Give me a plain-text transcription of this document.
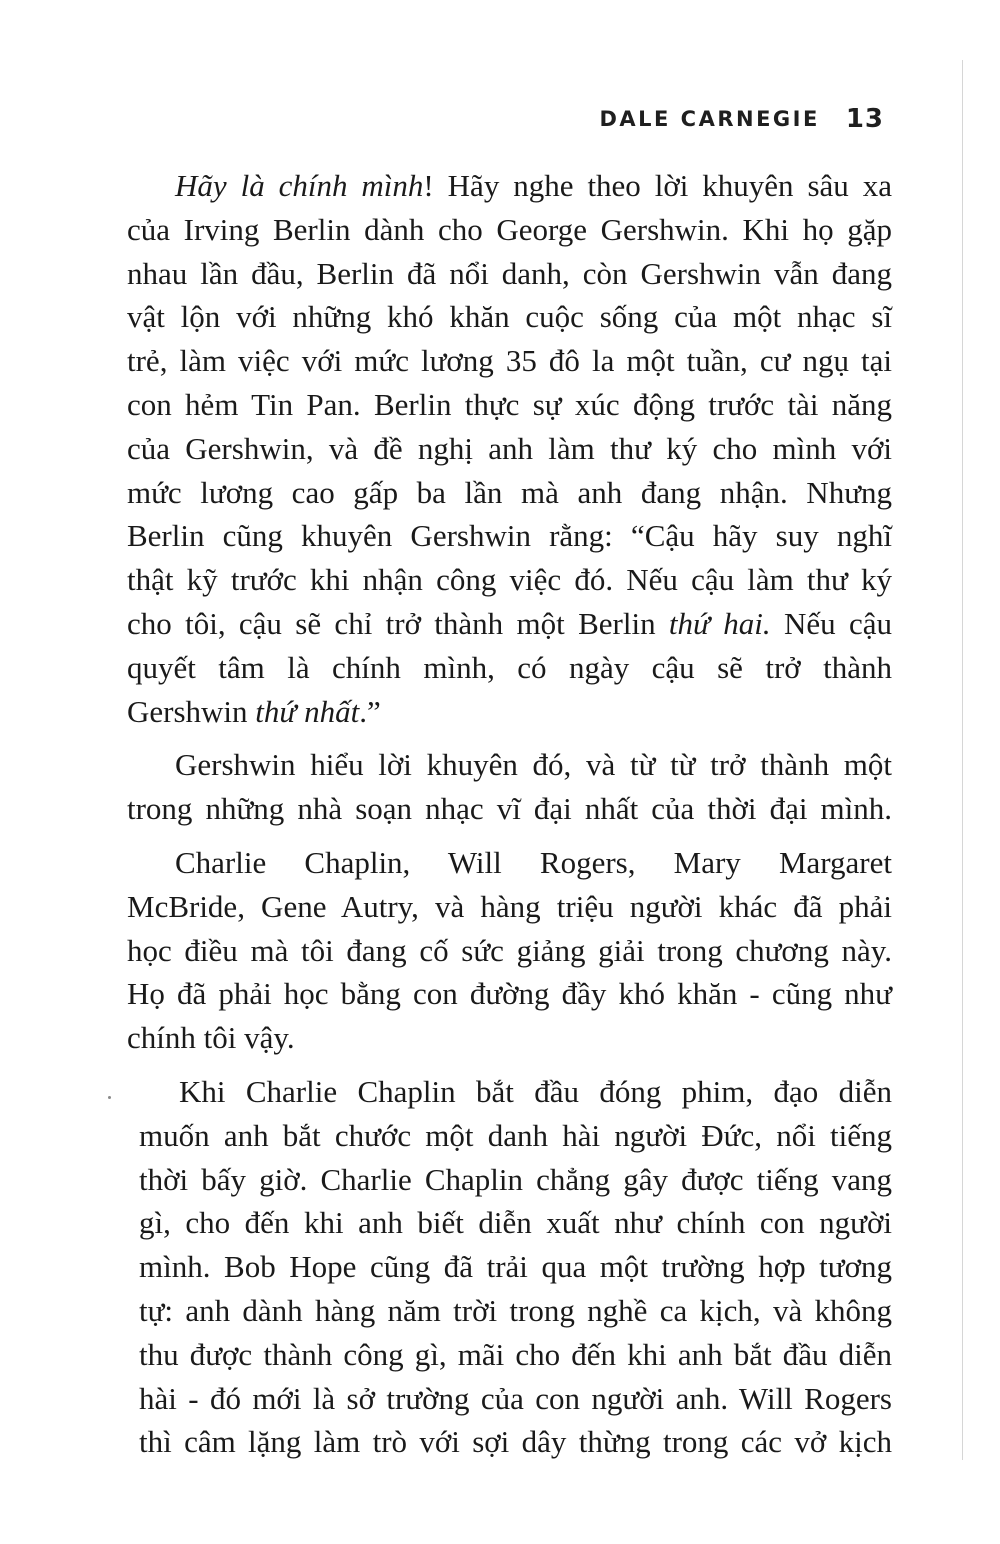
DALE CARNEGIE 13
Hãy là chính mình! Hãy nghe theo lời khuyên sâu xa
của Irving Berlin dành cho George Gershwin. Khi họ gặp
nhau lần đầu, Berlin đã nổi danh, còn Gershwin vẫn đang
vật lộn với những khó khăn cuộc sống của một nhạc sĩ
trẻ, làm việc với mức lương 35 đô la một tuần, cư ngụ tại
con hẻm Tin Pan. Berlin thực sự xúc động trước tài năng
của Gershwin, và đề nghị anh làm thư ký cho mình với
mức lương cao gấp ba lần mà anh đang nhận. Nhưng
Berlin cũng khuyên Gershwin rằng: “Cậu hãy suy nghĩ
thật kỹ trước khi nhận công việc đó. Nếu cậu làm thư ký
cho tôi, cậu sẽ chỉ trở thành một Berlin thứ hai. Nếu cậu
quyết tâm là chính mình, có ngày cậu sẽ trở thành
Gershwin thứ nhất.”
Gershwin hiểu lời khuyên đó, và từ từ trở thành một
trong những nhà soạn nhạc vĩ đại nhất của thời đại mình.
Charlie Chaplin, Will Rogers, Mary Margaret
McBride, Gene Autry, và hàng triệu người khác đã phải
học điều mà tôi đang cố sức giảng giải trong chương này.
Họ đã phải học bằng con đường đầy khó khăn - cũng như
chính tôi vậy.
Khi Charlie Chaplin bắt đầu đóng phim, đạo diễn
muốn anh bắt chước một danh hài người Đức, nổi tiếng
thời bấy giờ. Charlie Chaplin chẳng gây được tiếng vang
gì, cho đến khi anh biết diễn xuất như chính con người
mình. Bob Hope cũng đã trải qua một trường hợp tương
tự: anh dành hàng năm trời trong nghề ca kịch, và không
thu được thành công gì, mãi cho đến khi anh bắt đầu diễn
hài - đó mới là sở trường của con người anh. Will Rogers
thì câm lặng làm trò với sợi dây thừng trong các vở kịch
